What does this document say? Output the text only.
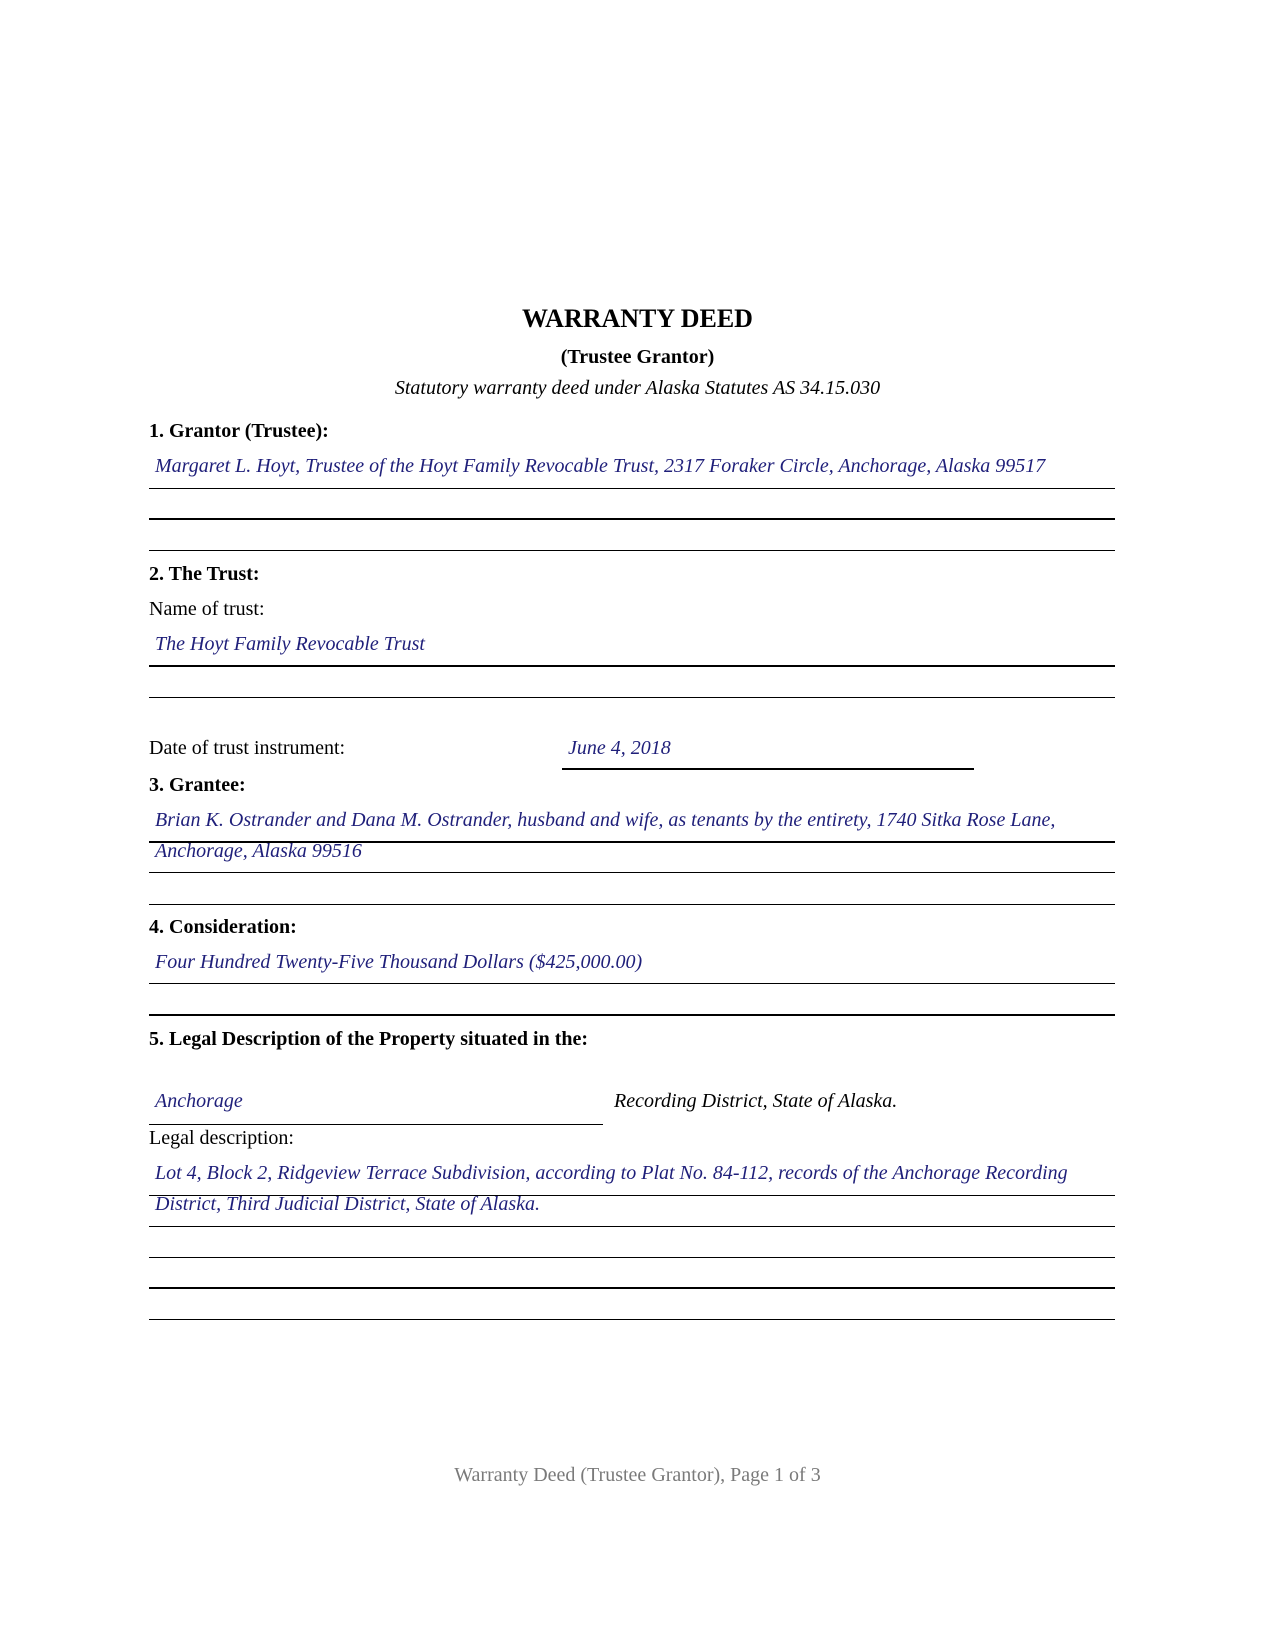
WARRANTY DEED
(Trustee Grantor)
Statutory warranty deed under Alaska Statutes AS 34.15.030
1. Grantor (Trustee):
Margaret L. Hoyt, Trustee of the Hoyt Family Revocable Trust, 2317 Foraker Circle, Anchorage, Alaska 99517
2. The Trust:
Name of trust:
The Hoyt Family Revocable Trust
Date of trust instrument:	June 4, 2018
3. Grantee:
Brian K. Ostrander and Dana M. Ostrander, husband and wife, as tenants by the entirety, 1740 Sitka Rose Lane,
Anchorage, Alaska 99516
4. Consideration:
Four Hundred Twenty-Five Thousand Dollars ($425,000.00)
5. Legal Description of the Property situated in the:
Anchorage	Recording District, State of Alaska.
Legal description:
Lot 4, Block 2, Ridgeview Terrace Subdivision, according to Plat No. 84-112, records of the Anchorage Recording
District, Third Judicial District, State of Alaska.
Warranty Deed (Trustee Grantor), Page 1 of 3
